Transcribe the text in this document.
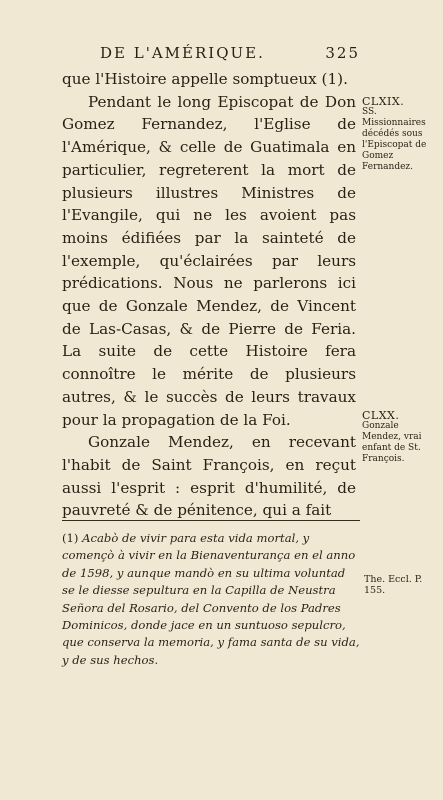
DE L'AMÉRIQUE.	325

que l'Histoire appelle somptueux (1).

Pendant le long Episcopat de Don Gomez Fernandez, l'Eglise de l'Amérique, & celle de Guatimala en particulier, regreterent la mort de plusieurs illustres Ministres de l'Evangile, qui ne les avoient pas moins édifiées par la sainteté de l'exemple, qu'éclairées par leurs prédications. Nous ne parlerons ici que de Gonzale Mendez, de Vincent de Las-Casas, & de Pierre de Feria. La suite de cette Histoire fera connoître le mérite de plusieurs autres, & le succès de leurs travaux pour la propagation de la Foi.

Gonzale Mendez, en recevant l'habit de Saint François, en reçut aussi l'esprit : esprit d'humilité, de pauvreté & de pénitence, qui a fait

CLXIX.
SS. Missionnaires décédés sous l'Episcopat de Gomez Fernandez.
CLXX.
Gonzale Mendez, vrai enfant de St. François.
(1) Acabò de vivir para esta vida mortal, y començò à vivir en la Bienaventurança en el anno de 1598, y aunque mandò en su ultima voluntad se le diesse sepultura en la Capilla de Neustra Señora del Rosario, del Convento de los Padres Dominicos, donde jace en un suntuoso sepulcro, que conserva la memoria, y fama santa de su vida, y de sus hechos.
The. Eccl. P. 155.
